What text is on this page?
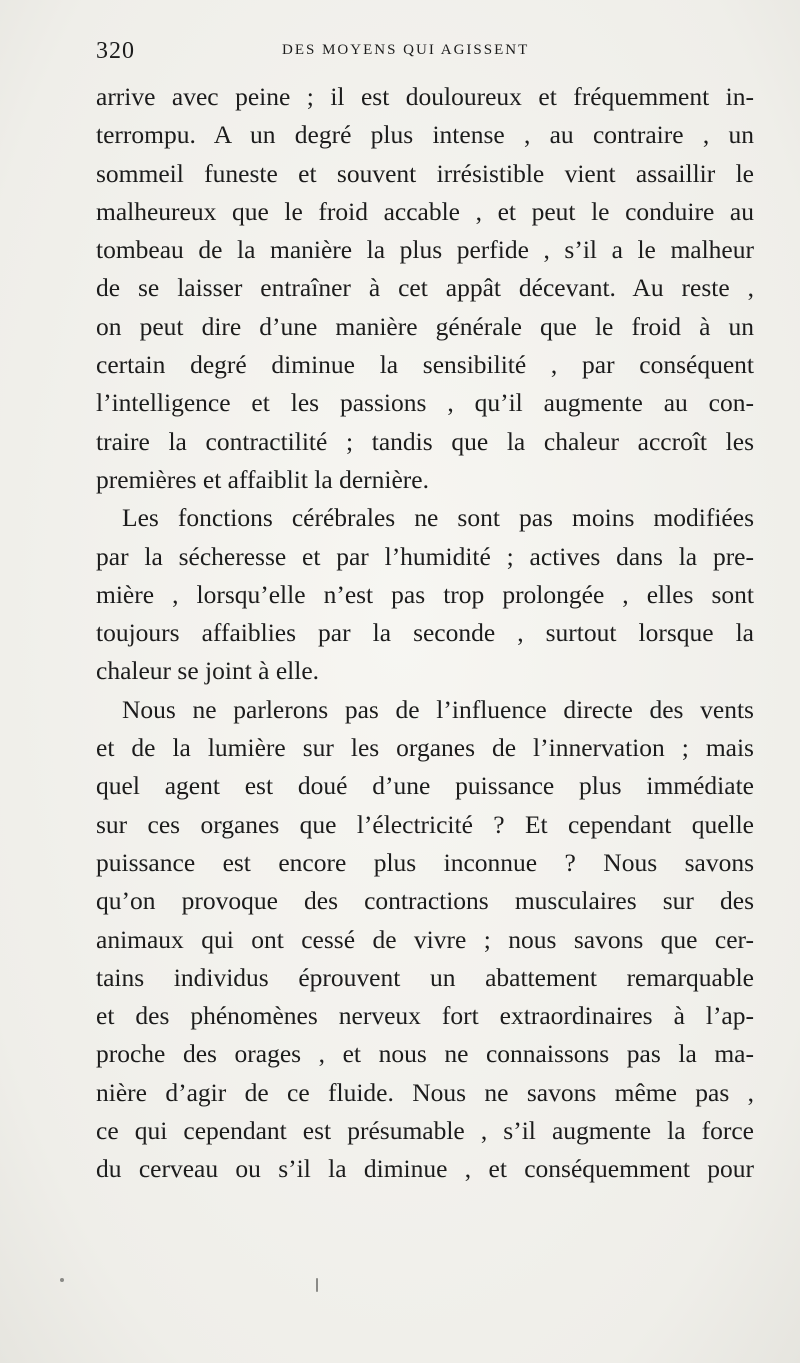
320	DES MOYENS QUI AGISSENT
arrive avec peine ; il est douloureux et fréquemment in-
terrompu. A un degré plus intense , au contraire , un
sommeil funeste et souvent irrésistible vient assaillir le
malheureux que le froid accable , et peut le conduire au
tombeau de la manière la plus perfide , s’il a le malheur
de se laisser entraîner à cet appât décevant. Au reste ,
on peut dire d’une manière générale que le froid à un
certain degré diminue la sensibilité , par conséquent
l’intelligence et les passions , qu’il augmente au con-
traire la contractilité ; tandis que la chaleur accroît les
premières et affaiblit la dernière.
Les fonctions cérébrales ne sont pas moins modifiées
par la sécheresse et par l’humidité ; actives dans la pre-
mière , lorsqu’elle n’est pas trop prolongée , elles sont
toujours affaiblies par la seconde , surtout lorsque la
chaleur se joint à elle.
Nous ne parlerons pas de l’influence directe des vents
et de la lumière sur les organes de l’innervation ; mais
quel agent est doué d’une puissance plus immédiate
sur ces organes que l’électricité ? Et cependant quelle
puissance est encore plus inconnue ? Nous savons
qu’on provoque des contractions musculaires sur des
animaux qui ont cessé de vivre ; nous savons que cer-
tains individus éprouvent un abattement remarquable
et des phénomènes nerveux fort extraordinaires à l’ap-
proche des orages , et nous ne connaissons pas la ma-
nière d’agir de ce fluide. Nous ne savons même pas ,
ce qui cependant est présumable , s’il augmente la force
du cerveau ou s’il la diminue , et conséquemment pour
